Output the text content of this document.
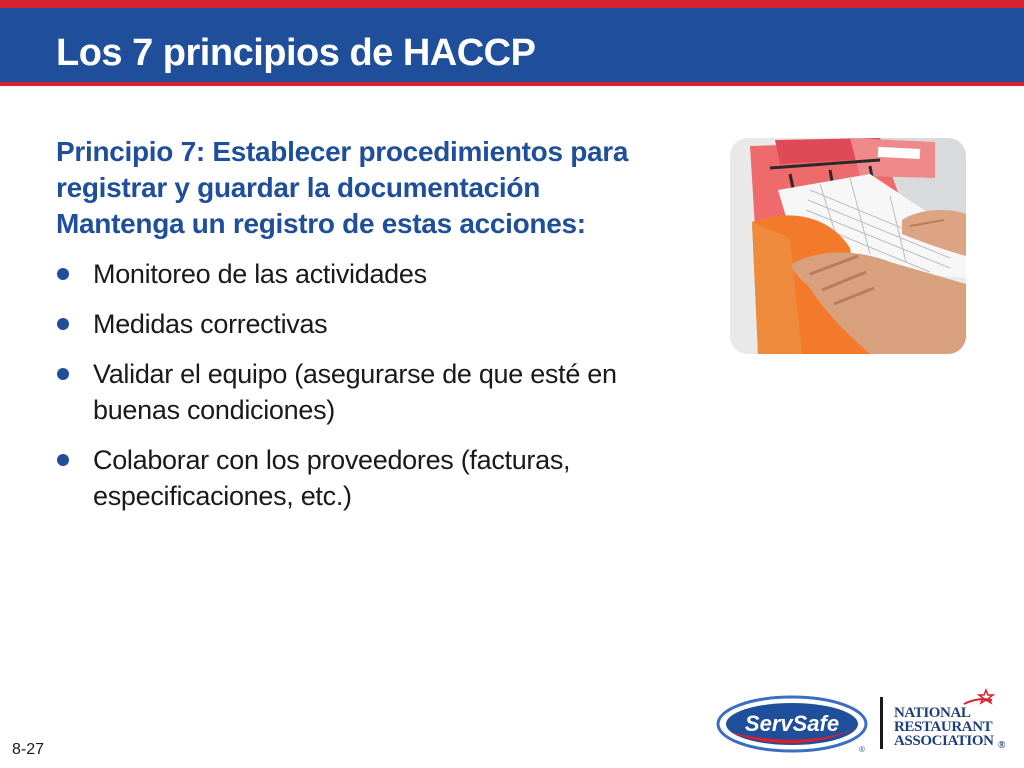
Los 7 principios de HACCP
Principio 7: Establecer procedimientos para
registrar y guardar la documentación
Mantenga un registro de estas acciones:
Monitoreo de las actividades
Medidas correctivas
Validar el equipo (asegurarse de que esté en buenas condiciones)
Colaborar con los proveedores (facturas, especificaciones, etc.)
8-27
ServSafe
®

NATIONAL

RESTAURANT

ASSOCIATION ®
